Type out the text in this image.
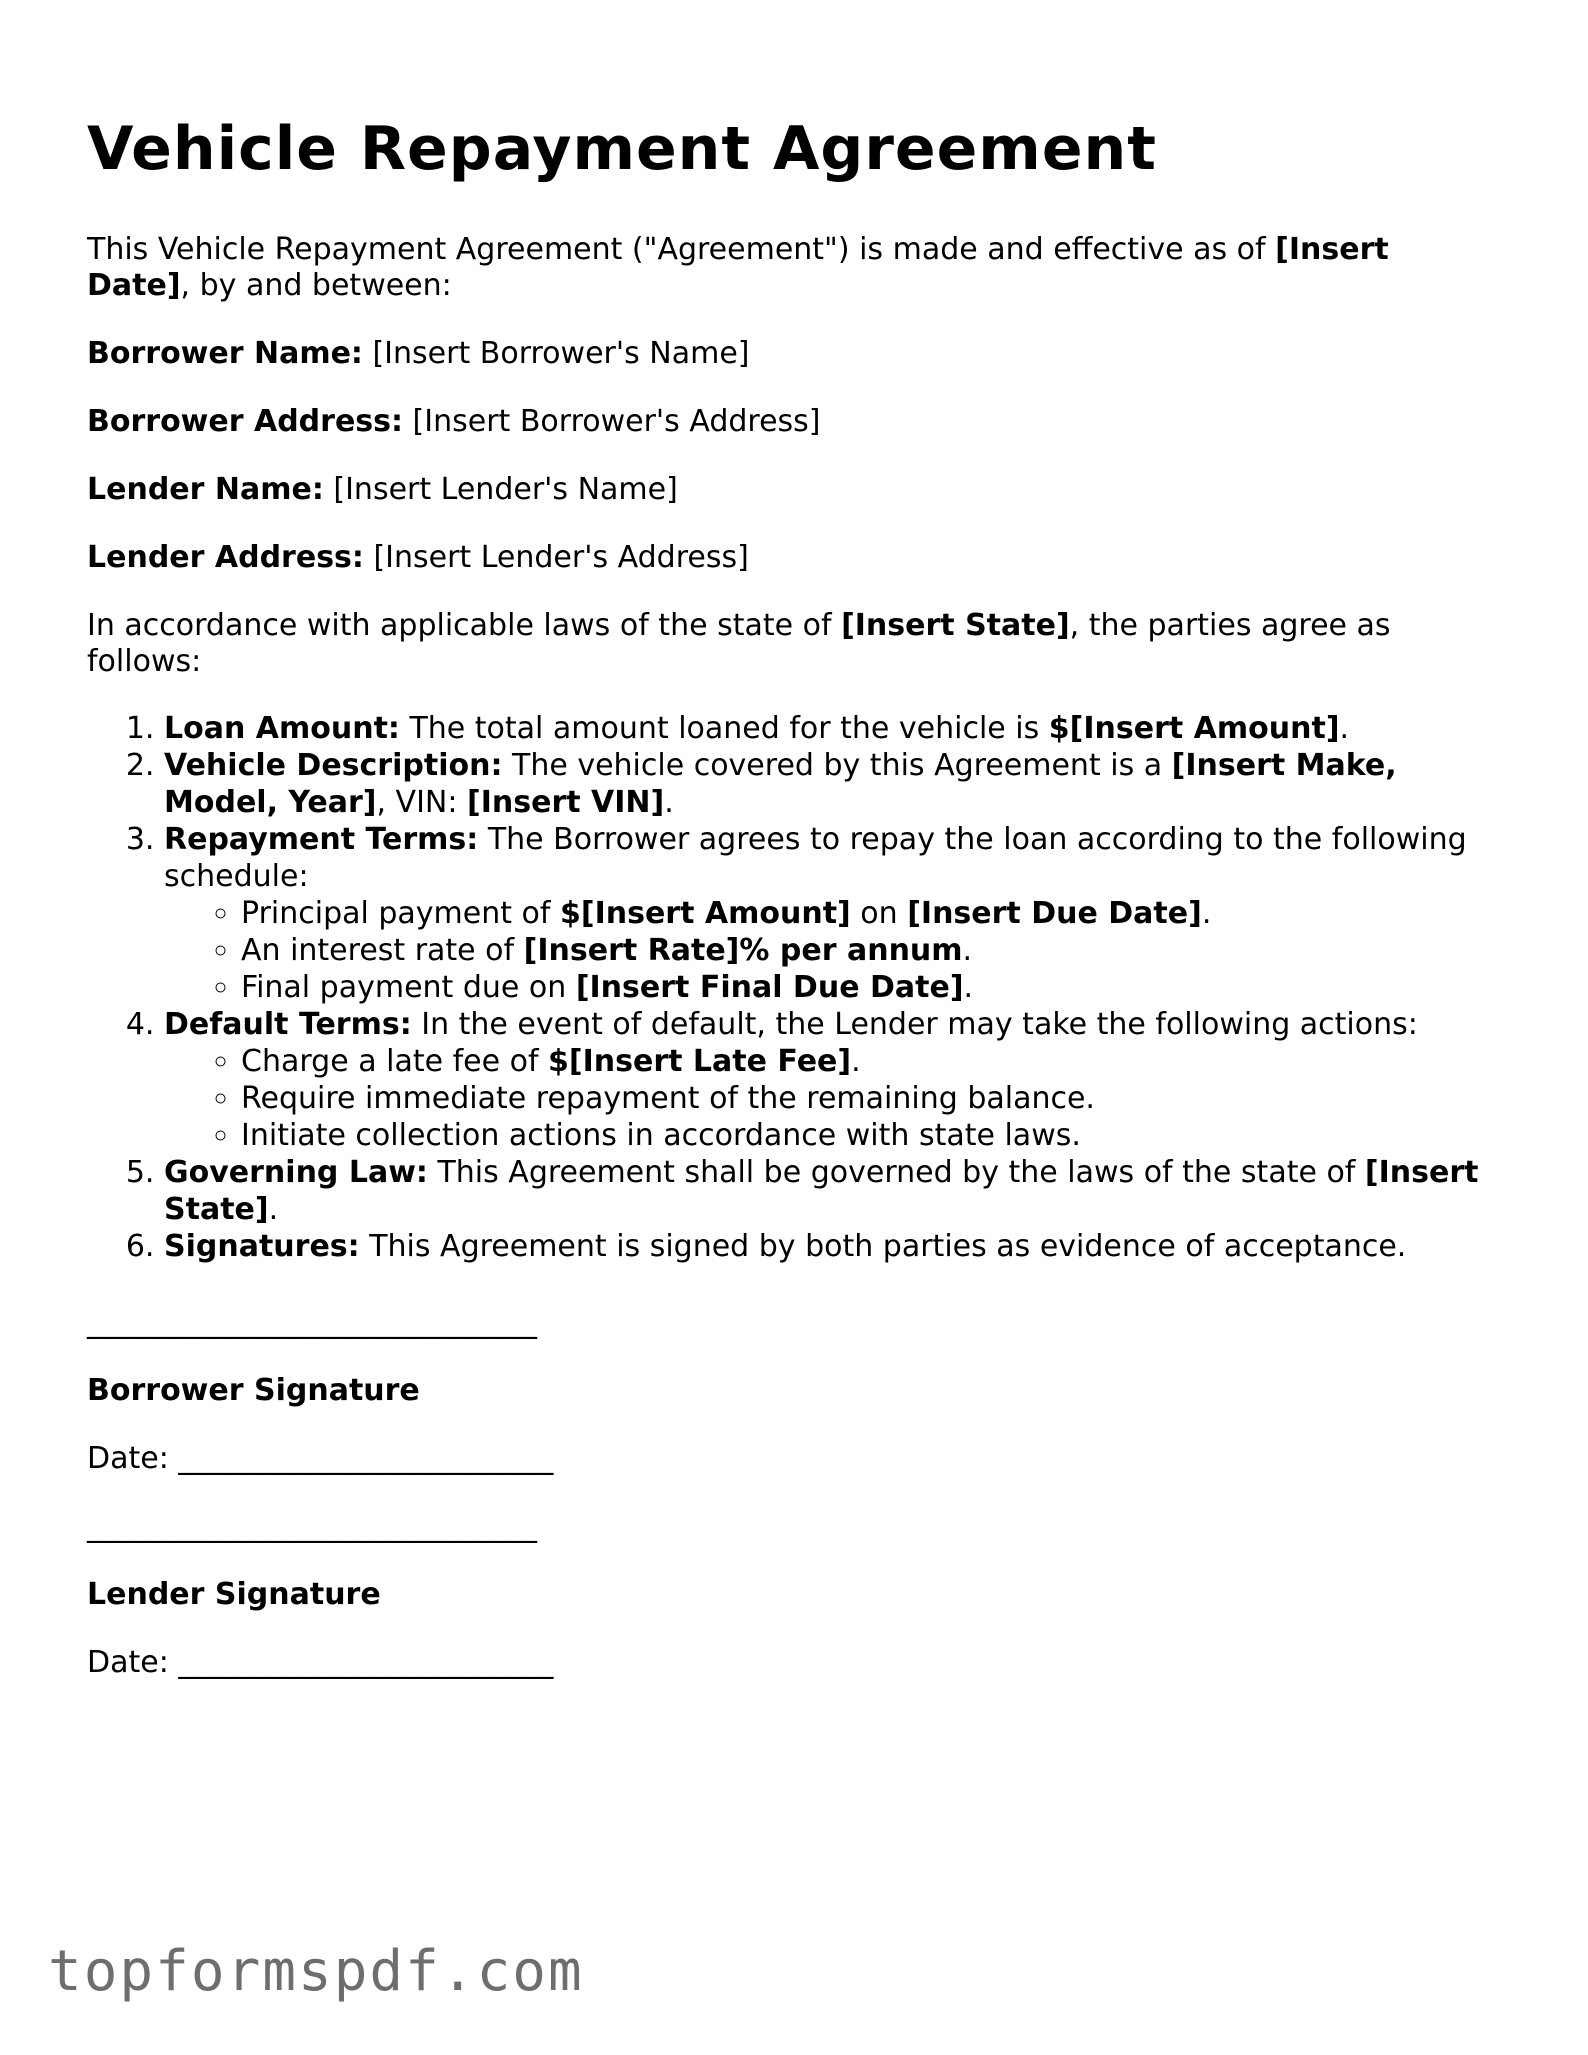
Vehicle Repayment Agreement

This Vehicle Repayment Agreement ("Agreement") is made and effective as of [Insert Date], by and between:

Borrower Name: [Insert Borrower's Name]

Borrower Address: [Insert Borrower's Address]

Lender Name: [Insert Lender's Name]

Lender Address: [Insert Lender's Address]

In accordance with applicable laws of the state of [Insert State], the parties agree as follows:

1. Loan Amount: The total amount loaned for the vehicle is $[Insert Amount].
2. Vehicle Description: The vehicle covered by this Agreement is a [Insert Make, Model, Year], VIN: [Insert VIN].
3. Repayment Terms: The Borrower agrees to repay the loan according to the following schedule:
◦ Principal payment of $[Insert Amount] on [Insert Due Date].
◦ An interest rate of [Insert Rate]% per annum.
◦ Final payment due on [Insert Final Due Date].
4. Default Terms: In the event of default, the Lender may take the following actions:
◦ Charge a late fee of $[Insert Late Fee].
◦ Require immediate repayment of the remaining balance.
◦ Initiate collection actions in accordance with state laws.
5. Governing Law: This Agreement shall be governed by the laws of the state of [Insert State].
6. Signatures: This Agreement is signed by both parties as evidence of acceptance.
______________________________
Borrower Signature
Date: _________________________
______________________________
Lender Signature
Date: _________________________
topformspdf.com
